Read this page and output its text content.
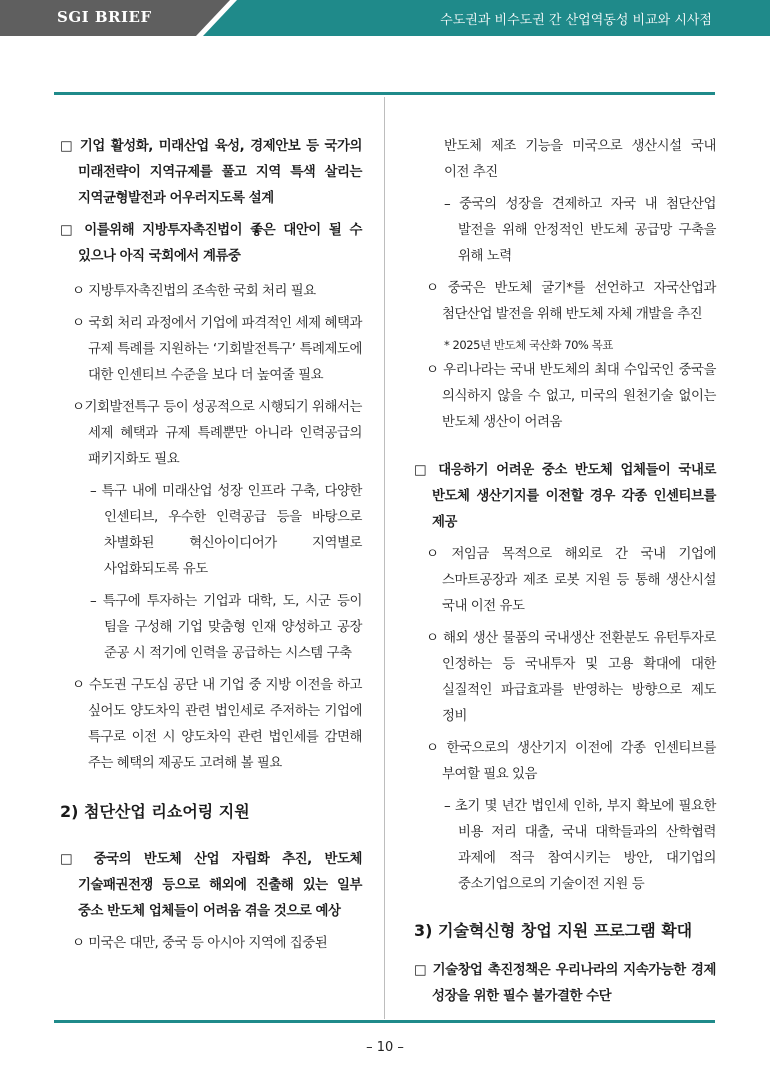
SGI BRIEF	수도권과 비수도권 간 산업역동성 비교와 시사점
□ 기업 활성화, 미래산업 육성, 경제안보 등 국가의 미래전략이 지역규제를 풀고 지역 특색 살리는 지역균형발전과 어우러지도록 설계
□ 이를위해 지방투자촉진법이 좋은 대안이 될 수 있으나 아직 국회에서 계류중
ㅇ 지방투자촉진법의 조속한 국회 처리 필요
ㅇ 국회 처리 과정에서 기업에 파격적인 세제 혜택과 규제 특례를 지원하는 ‘기회발전특구’ 특례제도에 대한 인센티브 수준을 보다 더 높여줄 필요
ㅇ기회발전특구 등이 성공적으로 시행되기 위해서는 세제 혜택과 규제 특례뿐만 아니라 인력공급의 패키지화도 필요
– 특구 내에 미래산업 성장 인프라 구축, 다양한 인센티브, 우수한 인력공급 등을 바탕으로 차별화된 혁신아이디어가 지역별로 사업화되도록 유도
– 특구에 투자하는 기업과 대학, 도, 시군 등이 팀을 구성해 기업 맞춤형 인재 양성하고 공장 준공 시 적기에 인력을 공급하는 시스템 구축
ㅇ 수도권 구도심 공단 내 기업 중 지방 이전을 하고 싶어도 양도차익 관련 법인세로 주저하는 기업에 특구로 이전 시 양도차익 관련 법인세를 감면해 주는 혜택의 제공도 고려해 볼 필요
2) 첨단산업 리쇼어링 지원
□ 중국의 반도체 산업 자립화 추진, 반도체 기술패권전쟁 등으로 해외에 진출해 있는 일부 중소 반도체 업체들이 어려움 겪을 것으로 예상
ㅇ 미국은 대만, 중국 등 아시아 지역에 집중된
반도체 제조 기능을 미국으로 생산시설 국내 이전 추진
– 중국의 성장을 견제하고 자국 내 첨단산업 발전을 위해 안정적인 반도체 공급망 구축을 위해 노력
ㅇ 중국은 반도체 굴기*를 선언하고 자국산업과 첨단산업 발전을 위해 반도체 자체 개발을 추진
* 2025년 반도체 국산화 70% 목표
ㅇ 우리나라는 국내 반도체의 최대 수입국인 중국을 의식하지 않을 수 없고, 미국의 원천기술 없이는 반도체 생산이 어려움
□ 대응하기 어려운 중소 반도체 업체들이 국내로 반도체 생산기지를 이전할 경우 각종 인센티브를 제공
ㅇ 저임금 목적으로 해외로 간 국내 기업에 스마트공장과 제조 로봇 지원 등 통해 생산시설 국내 이전 유도
ㅇ 해외 생산 물품의 국내생산 전환분도 유턴투자로 인정하는 등 국내투자 및 고용 확대에 대한 실질적인 파급효과를 반영하는 방향으로 제도 정비
ㅇ 한국으로의 생산기지 이전에 각종 인센티브를 부여할 필요 있음
– 초기 몇 년간 법인세 인하, 부지 확보에 필요한 비용 저리 대출, 국내 대학들과의 산학협력 과제에 적극 참여시키는 방안, 대기업의 중소기업으로의 기술이전 지원 등
3) 기술혁신형 창업 지원 프로그램 확대
□ 기술창업 촉진정책은 우리나라의 지속가능한 경제 성장을 위한 필수 불가결한 수단
– 10 –
